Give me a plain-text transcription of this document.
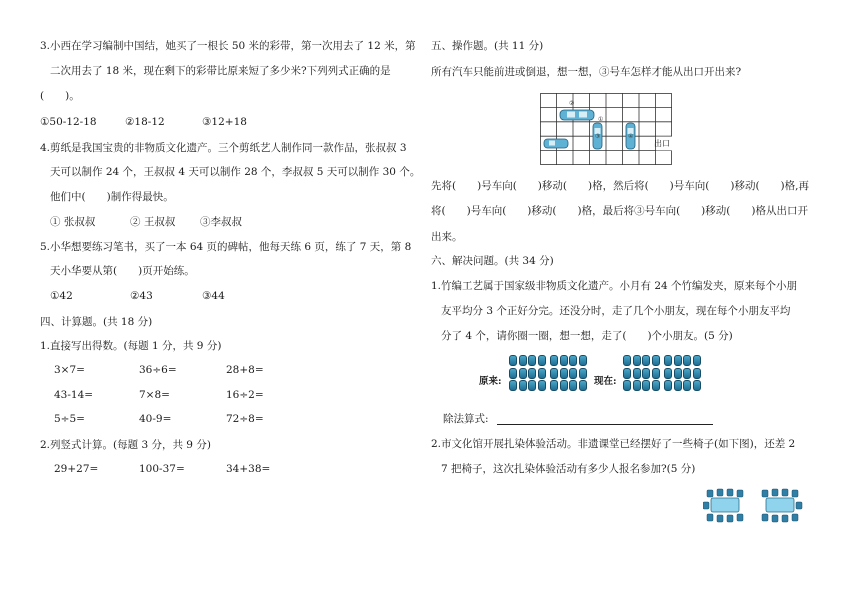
3.小西在学习编制中国结，她买了一根长 50 米的彩带，第一次用去了 12 米，第
二次用去了 18 米，现在剩下的彩带比原来短了多少米?下列列式正确的是
(　　)。
①50-12-18	②18-12	③12+18
4.剪纸是我国宝贵的非物质文化遗产。三个剪纸艺人制作同一款作品，张叔叔 3
天可以制作 24 个，王叔叔 4 天可以制作 28 个，李叔叔 5 天可以制作 30 个。
他们中(　　)制作得最快。
① 张叔叔	② 王叔叔 ③李叔叔
5.小华想要练习笔书，买了一本 64 页的碑帖，他每天练 6 页，练了 7 天，第 8
天小华要从第(　　)页开始练。
①42	②43	③44
四、计算题。(共 18 分)
1.直接写出得数。(每题 1 分，共 9 分)
3×7=	36÷6=	28+8=
43-14=	7×8=	16÷2=
5÷5=	40-9=	72÷8=
2.列竖式计算。(每题 3 分，共 9 分)
29+27=	100-37=	34+38=
五、操作题。(共 11 分)
所有汽车只能前进或倒退，想一想，③号车怎样才能从出口开出来?
①
②
③	④
出口
先将(　　)号车向(　　)移动(　　)格，然后将(　　)号车向(　　)移动(　　)格,再
将(　　)号车向(　　)移动(　　)格，最后将③号车向(　　)移动(　　)格从出口开
出来。
六、解决问题。(共 34 分)
1.竹编工艺属于国家级非物质文化遗产。小月有 24 个竹编发夹，原来每个小朋
友平均分 3 个正好分完。还没分时，走了几个小朋友，现在每个小朋友平均
分了 4 个，请你圈一圈，想一想，走了(　　)个小朋友。(5 分)
原来:	现在:
除法算式:
2.市文化馆开展扎染体验活动。非遗课堂已经摆好了一些椅子(如下图)，还差 2
7 把椅子，这次扎染体验活动有多少人报名参加?(5 分)
